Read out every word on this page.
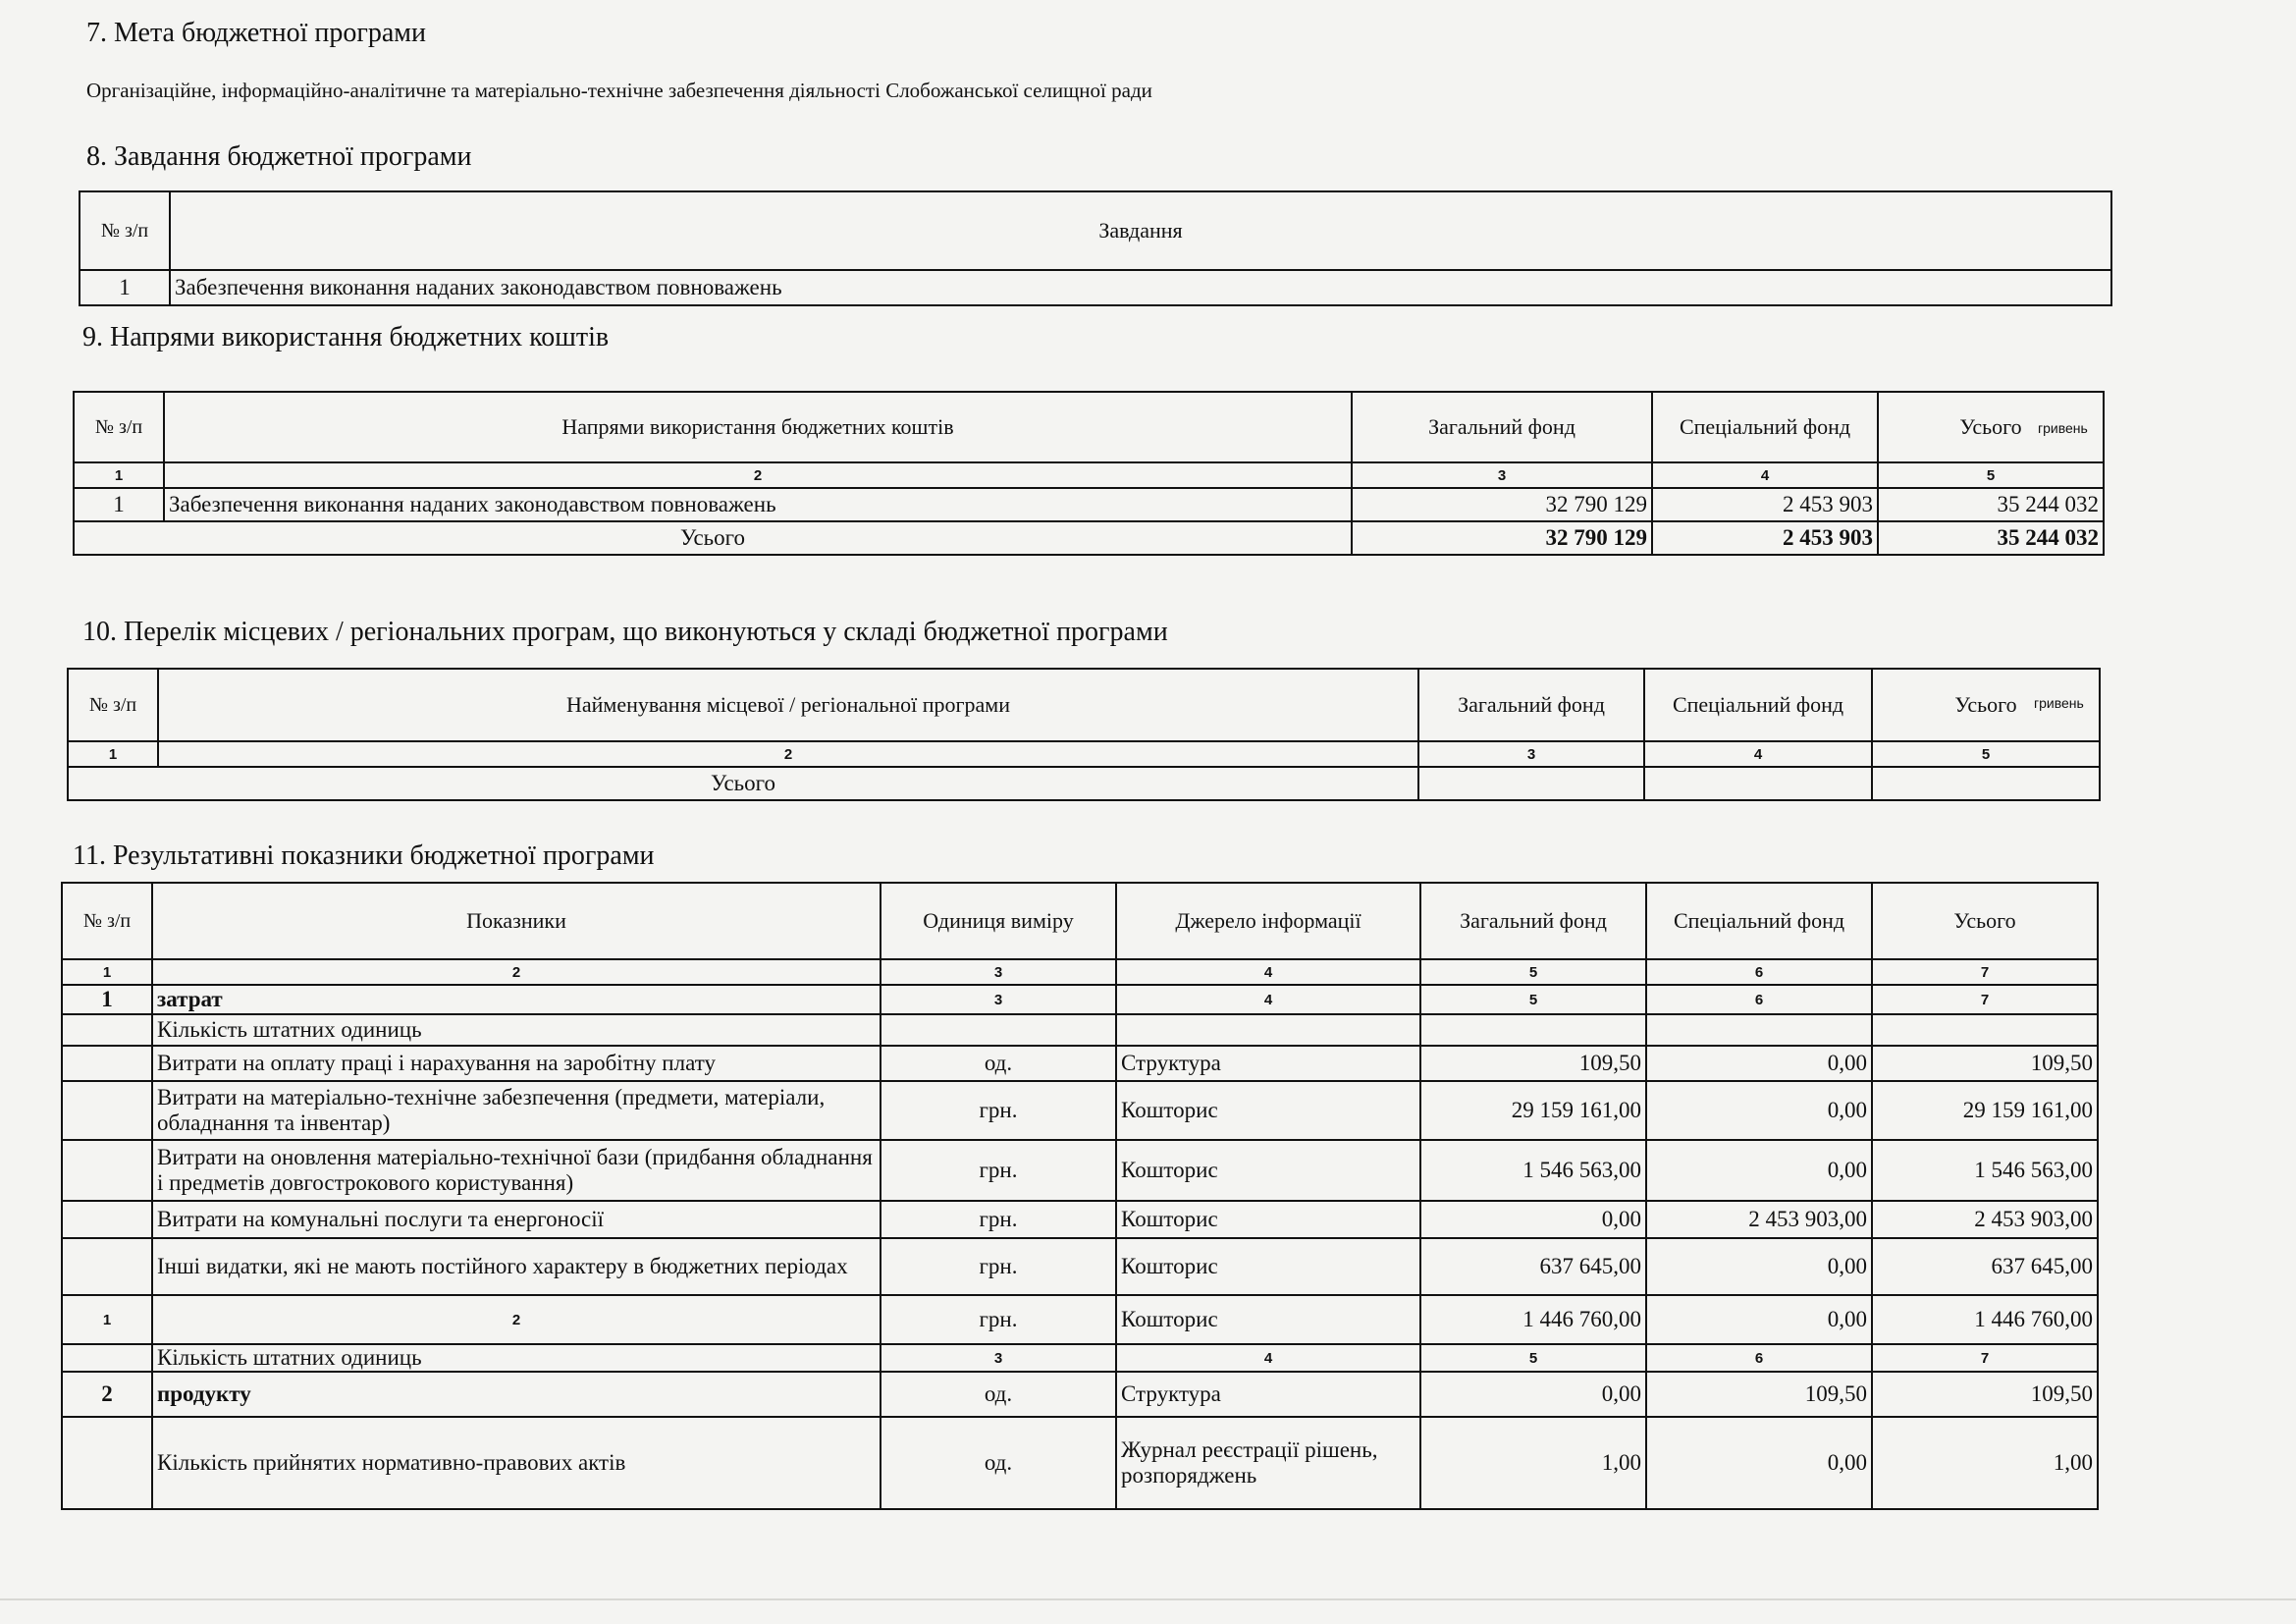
7. Мета бюджетної програми
Організаційне, інформаційно-аналітичне та матеріально-технічне забезпечення діяльності Слобожанської селищної ради
8. Завдання бюджетної програми
№ з/п	Завдання
1	Забезпечення виконання наданих законодавством повноважень
9. Напрями використання бюджетних коштів
гривень
№ з/п	Напрями використання бюджетних коштів	Загальний фонд	Спеціальний фонд	Усього
1	2	3	4	5
1	Забезпечення виконання наданих законодавством повноважень	32 790 129	2 453 903	35 244 032
Усього		32 790 129	2 453 903	35 244 032
10. Перелік місцевих / регіональних програм, що виконуються у складі бюджетної програми
гривень
№ з/п	Найменування місцевої / регіональної програми	Загальний фонд	Спеціальний фонд	Усього
1	2	3	4	5
Усього				
11. Результативні показники бюджетної програми
№ з/п	Показники	Одиниця виміру	Джерело інформації	Загальний фонд	Спеціальний фонд	Усього
1	2	3	4	5	6	7
1	затрат	3	4	5	6	7
	Кількість штатних одиниць					
	Витрати на оплату праці і нарахування на заробітну плату	од.	Структура	109,50	0,00	109,50
	Витрати на матеріально-технічне забезпечення (предмети, матеріали, обладнання та інвентар)	грн.	Кошторис	29 159 161,00	0,00	29 159 161,00
	Витрати на оновлення матеріально-технічної бази (придбання обладнання і предметів довгострокового користування)	грн.	Кошторис	1 546 563,00	0,00	1 546 563,00
	Витрати на комунальні послуги та енергоносії	грн.	Кошторис	0,00	2 453 903,00	2 453 903,00
	Інші видатки, які не мають постійного характеру в бюджетних періодах	грн.	Кошторис	637 645,00	0,00	637 645,00
1	2	грн.	Кошторис	1 446 760,00	0,00	1 446 760,00
	Кількість штатних одиниць	3	4	5	6	7
2	продукту	од.	Структура	0,00	109,50	109,50
	Кількість прийнятих нормативно-правових актів	од.	Журнал реєстрації рішень, розпоряджень	1,00	0,00	1,00
